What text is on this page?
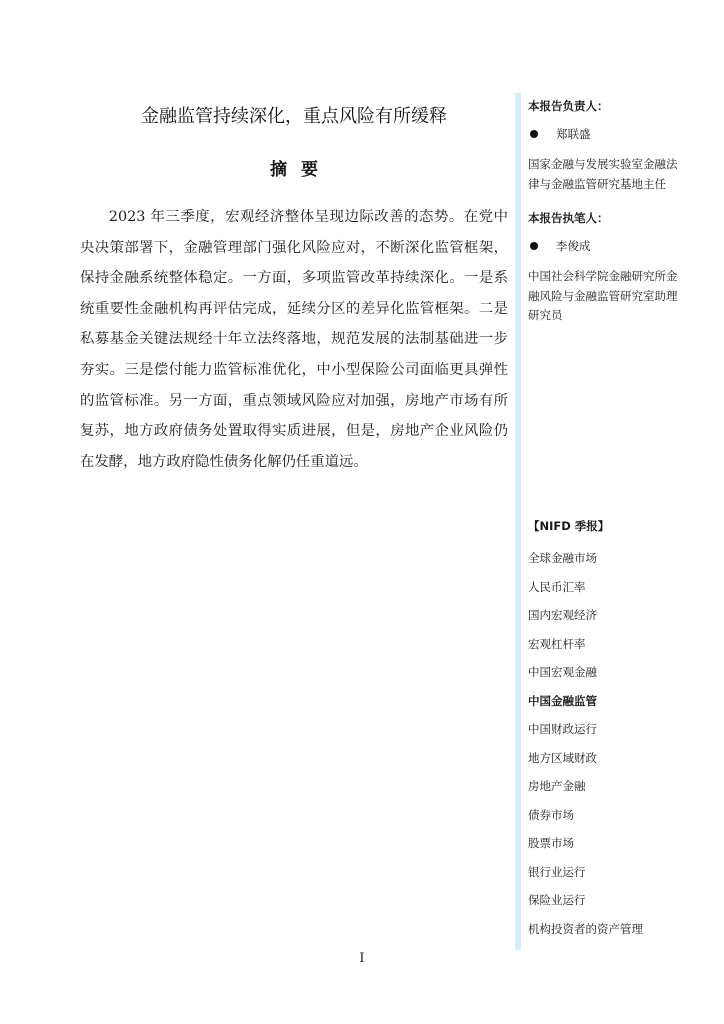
金融监管持续深化，重点风险有所缓释
摘要

2023 年三季度，宏观经济整体呈现边际改善的态势。在党中央决策部署下，金融管理部门强化风险应对，不断深化监管框架，保持金融系统整体稳定。一方面，多项监管改革持续深化。一是系统重要性金融机构再评估完成，延续分区的差异化监管框架。二是私募基金关键法规经十年立法终落地，规范发展的法制基础进一步夯实。三是偿付能力监管标准优化，中小型保险公司面临更具弹性的监管标准。另一方面，重点领域风险应对加强，房地产市场有所复苏，地方政府债务处置取得实质进展，但是，房地产企业风险仍在发酵，地方政府隐性债务化解仍任重道远。

本报告负责人：
郑联盛
国家金融与发展实验室金融法律与金融监管研究基地主任
本报告执笔人：
李俊成
中国社会科学院金融研究所金融风险与金融监管研究室助理研究员
【NIFD 季报】
全球金融市场
人民币汇率
国内宏观经济
宏观杠杆率
中国宏观金融
中国金融监管
中国财政运行
地方区域财政
房地产金融
债券市场
股票市场
银行业运行
保险业运行
机构投资者的资产管理
I
